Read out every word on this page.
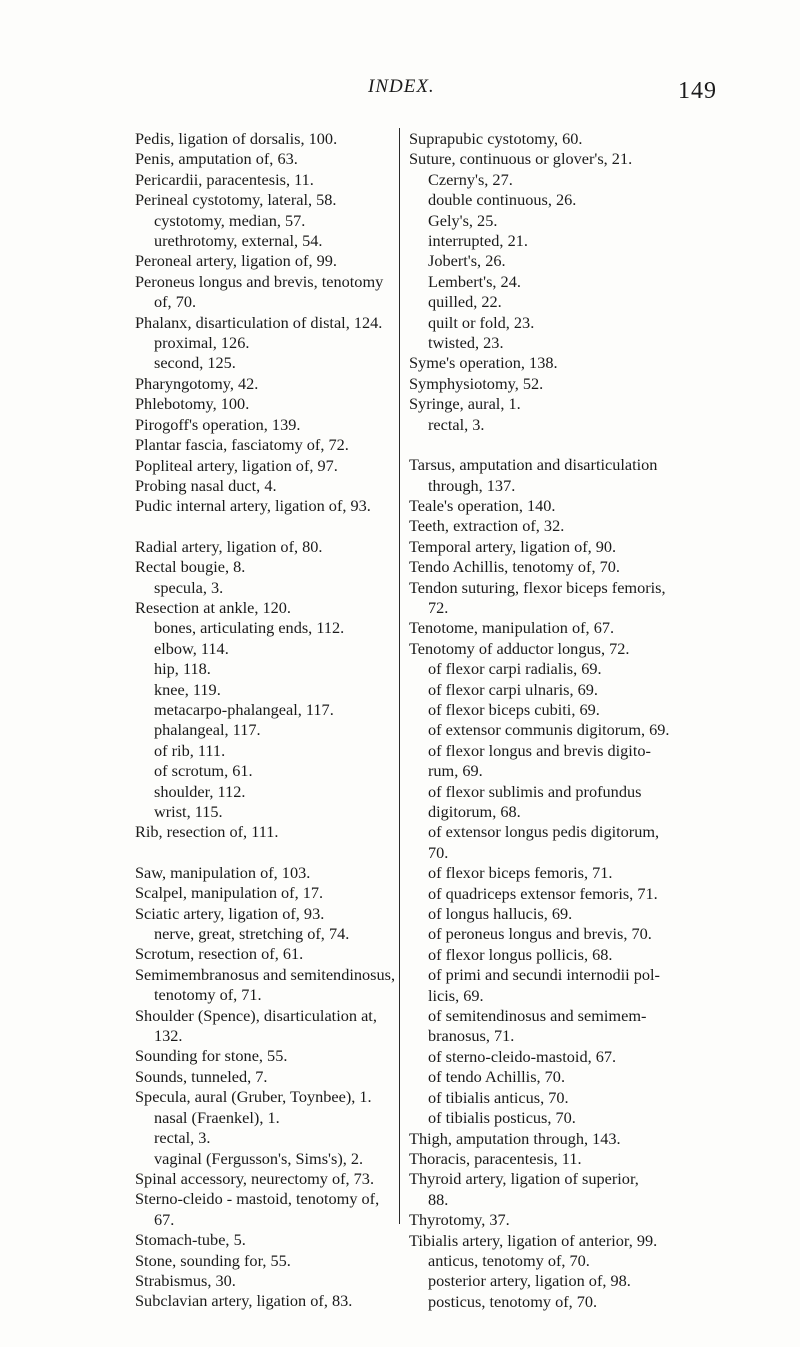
INDEX.	149
Pedis, ligation of dorsalis, 100.
Penis, amputation of, 63.
Pericardii, paracentesis, 11.
Perineal cystotomy, lateral, 58.
cystotomy, median, 57.
urethrotomy, external, 54.
Peroneal artery, ligation of, 99.
Peroneus longus and brevis, tenotomy
of, 70.
Phalanx, disarticulation of distal, 124.
proximal, 126.
second, 125.
Pharyngotomy, 42.
Phlebotomy, 100.
Pirogoff's operation, 139.
Plantar fascia, fasciatomy of, 72.
Popliteal artery, ligation of, 97.
Probing nasal duct, 4.
Pudic internal artery, ligation of, 93.
Radial artery, ligation of, 80.
Rectal bougie, 8.
specula, 3.
Resection at ankle, 120.
bones, articulating ends, 112.
elbow, 114.
hip, 118.
knee, 119.
metacarpo-phalangeal, 117.
phalangeal, 117.
of rib, 111.
of scrotum, 61.
shoulder, 112.
wrist, 115.
Rib, resection of, 111.
Saw, manipulation of, 103.
Scalpel, manipulation of, 17.
Sciatic artery, ligation of, 93.
nerve, great, stretching of, 74.
Scrotum, resection of, 61.
Semimembranosus and semitendinosus,
tenotomy of, 71.
Shoulder (Spence), disarticulation at,
132.
Sounding for stone, 55.
Sounds, tunneled, 7.
Specula, aural (Gruber, Toynbee), 1.
nasal (Fraenkel), 1.
rectal, 3.
vaginal (Fergusson's, Sims's), 2.
Spinal accessory, neurectomy of, 73.
Sterno-cleido - mastoid, tenotomy of,
67.
Stomach-tube, 5.
Stone, sounding for, 55.
Strabismus, 30.
Subclavian artery, ligation of, 83.
Suprapubic cystotomy, 60.
Suture, continuous or glover's, 21.
Czerny's, 27.
double continuous, 26.
Gely's, 25.
interrupted, 21.
Jobert's, 26.
Lembert's, 24.
quilled, 22.
quilt or fold, 23.
twisted, 23.
Syme's operation, 138.
Symphysiotomy, 52.
Syringe, aural, 1.
rectal, 3.
Tarsus, amputation and disarticulation
through, 137.
Teale's operation, 140.
Teeth, extraction of, 32.
Temporal artery, ligation of, 90.
Tendo Achillis, tenotomy of, 70.
Tendon suturing, flexor biceps femoris,
72.
Tenotome, manipulation of, 67.
Tenotomy of adductor longus, 72.
of flexor carpi radialis, 69.
of flexor carpi ulnaris, 69.
of flexor biceps cubiti, 69.
of extensor communis digitorum, 69.
of flexor longus and brevis digito-
rum, 69.
of flexor sublimis and profundus
digitorum, 68.
of extensor longus pedis digitorum,
70.
of flexor biceps femoris, 71.
of quadriceps extensor femoris, 71.
of longus hallucis, 69.
of peroneus longus and brevis, 70.
of flexor longus pollicis, 68.
of primi and secundi internodii pol-
licis, 69.
of semitendinosus and semimem-
branosus, 71.
of sterno-cleido-mastoid, 67.
of tendo Achillis, 70.
of tibialis anticus, 70.
of tibialis posticus, 70.
Thigh, amputation through, 143.
Thoracis, paracentesis, 11.
Thyroid artery, ligation of superior,
88.
Thyrotomy, 37.
Tibialis artery, ligation of anterior, 99.
anticus, tenotomy of, 70.
posterior artery, ligation of, 98.
posticus, tenotomy of, 70.
